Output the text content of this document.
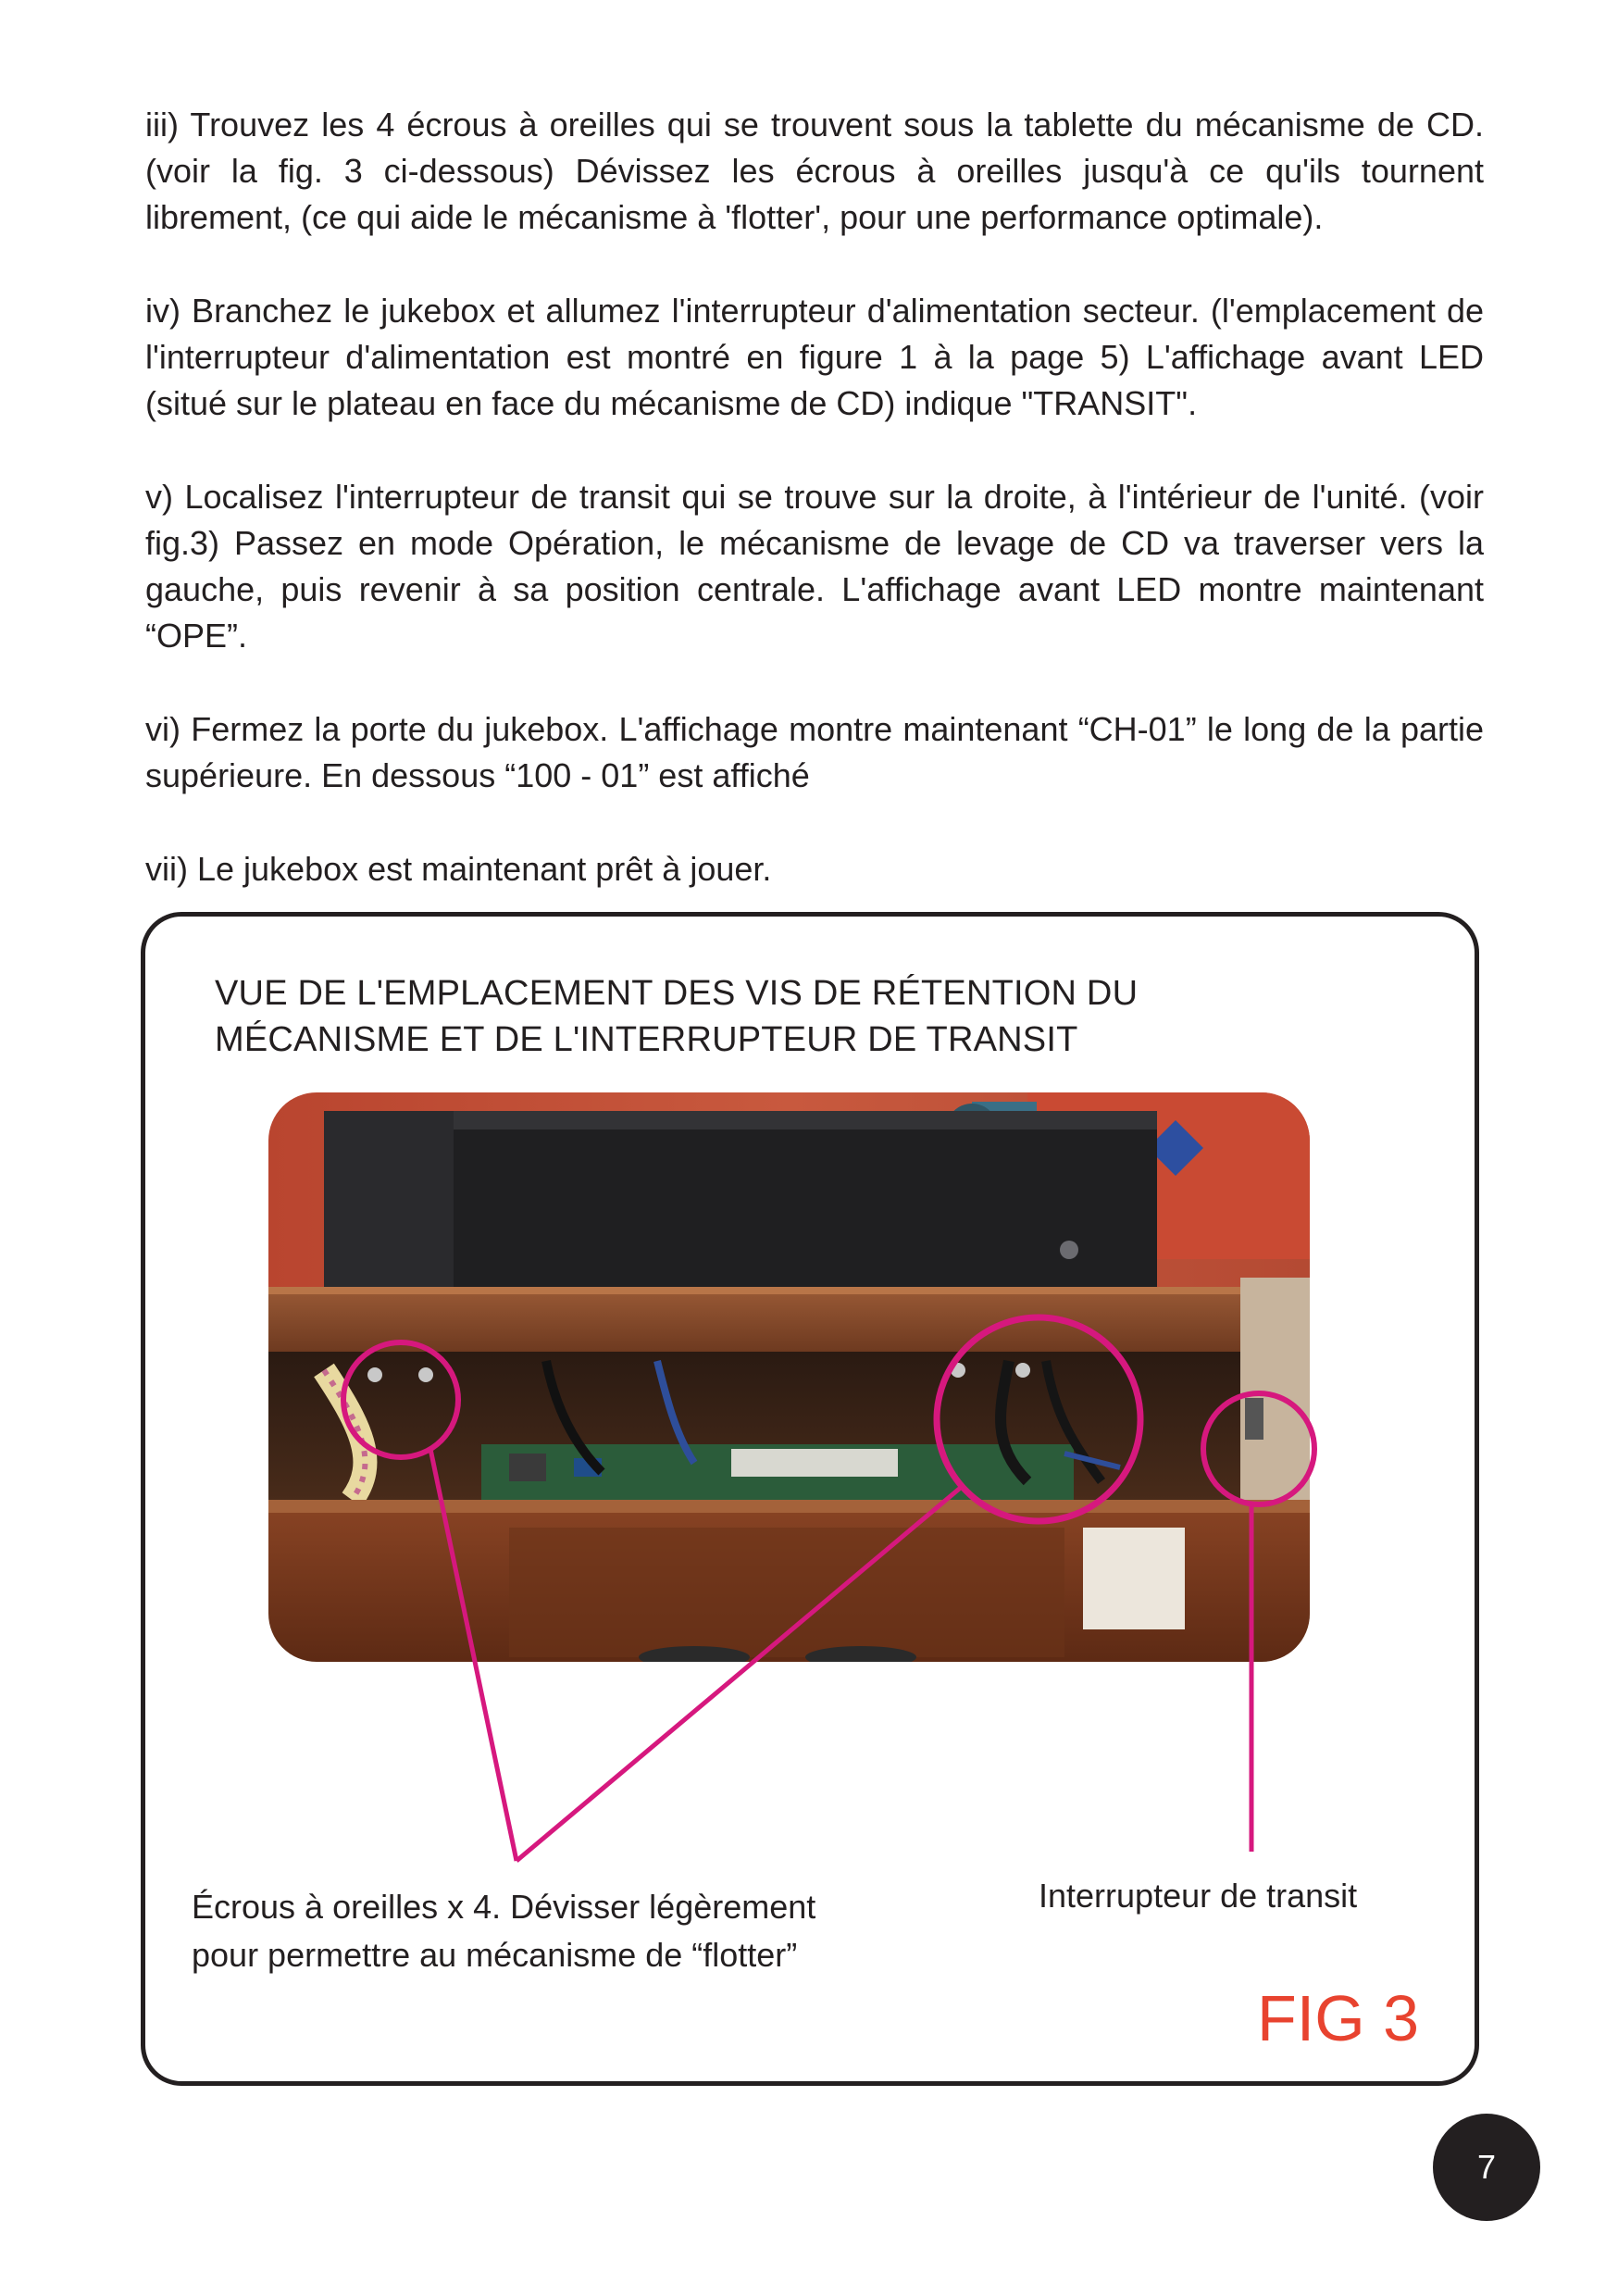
iii) Trouvez les 4 écrous à oreilles qui se trouvent sous la tablette du mécanisme de CD. (voir la fig. 3 ci-dessous) Dévissez les écrous à oreilles jusqu'à ce qu'ils tournent librement, (ce qui aide le mécanisme à 'flotter', pour une performance optimale).

iv) Branchez le jukebox et allumez l'interrupteur d'alimentation secteur. (l'emplacement de l'interrupteur d'alimentation est montré en figure 1 à la page 5) L'affichage avant LED (situé sur le plateau en face du mécanisme de CD) indique "TRANSIT".

v) Localisez l'interrupteur de transit qui se trouve sur la droite, à l'intérieur de l'unité. (voir fig.3) Passez en mode Opération, le mécanisme de levage de CD va traverser vers la gauche, puis revenir à sa position centrale. L'affichage avant LED montre maintenant “OPE”.

vi) Fermez la porte du jukebox. L'affichage montre maintenant “CH-01” le long de la partie supérieure. En dessous “100 - 01” est affiché

vii) Le jukebox est maintenant prêt à jouer.

VUE DE L'EMPLACEMENT DES VIS DE RÉTENTION DU
MÉCANISME ET DE L'INTERRUPTEUR DE TRANSIT
Écrous à oreilles x 4. Dévisser légèrement
pour permettre au mécanisme de “flotter”
Interrupteur de transit
FIG 3
7
